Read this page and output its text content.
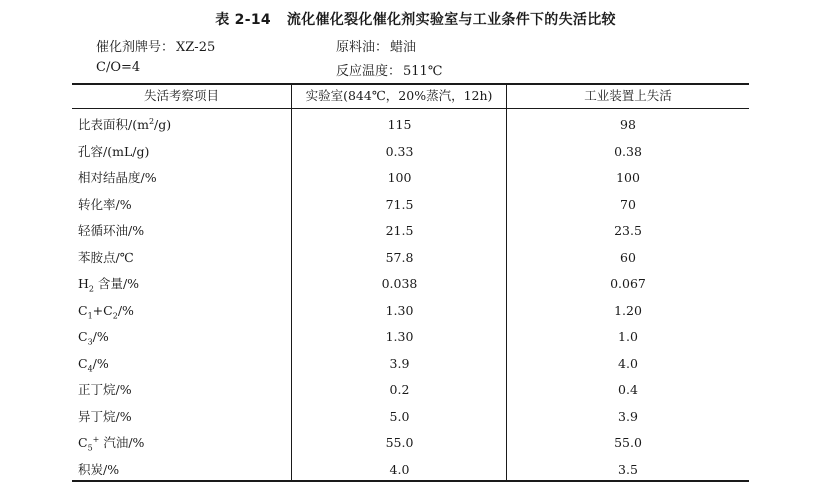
表 2-14 流化催化裂化催化剂实验室与工业条件下的失活比较
催化剂牌号： XZ-25	原料油： 蜡油
C/O=4	反应温度： 511℃
失活考察项目	实验室(844℃，20%蒸汽，12h)	工业装置上失活
比表面积$/(m^2/g)$	115	98
孔容/(mL/g)	0.33	0.38
相对结晶度/%	100	100
转化率/%	71.5	70
轻循环油/%	21.5	23.5
苯胺点/℃	57.8	60
$H_2$ 含量/%	0.038	0.067
$C_1+C_2/\%$	1.30	1.20
$C_3/\%$	1.30	1.0
$C_4/\%$	3.9	4.0
正丁烷/%	0.2	0.4
异丁烷/%	5.0	3.9
$C_5^+$ 汽油/%	55.0	55.0
积炭/%	4.0	3.5
